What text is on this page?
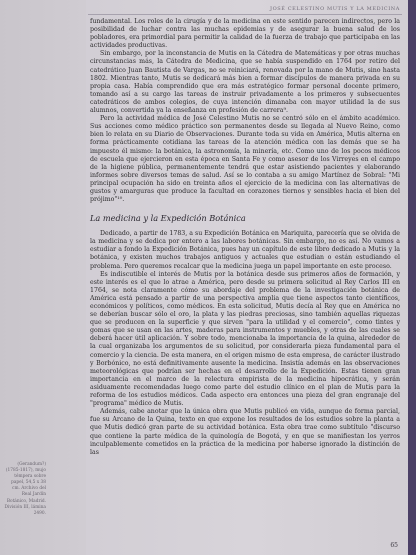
(Gerandum?) (1785-1817), mujo témpera sobre papel, 54,5 x 38 cm. Archivo del Real Jardín Botánico, Madrid. División III, lámina 2490.
JOSÉ CELESTINO MUTIS Y LA MEDICINA

fundamental. Los roles de la cirugía y de la medicina en este sentido parecen indirectos, pero la posibilidad de luchar contra las muchas epidemias y de asegurar la buena salud de los pobladores, era primordial para permitir la calidad de la fuerza de trabajo que participaba en las actividades productivas.

Sin embargo, por la inconstancia de Mutis en la Cátedra de Matemáticas y por otras muchas circunstancias más, la Cátedra de Medicina, que se había suspendido en 1764 por retiro del catedrático Juan Bautista de Vargas, no se reiniciará, renovada por la mano de Mutis, sino hasta 1802. Mientras tanto, Mutis se dedicará más bien a formar discípulos de manera privada en su propia casa. Había comprendido que era más estratégico formar personal docente primero, tomando así a su cargo las tareas de instruir privadamente a los primeros y subsecuentes catedráticos de ambos colegios, de cuya intención dimanaba con mayor utilidad la de sus alumnos, convertida ya la enseñanza en profesión de carrera⁹.

Pero la actividad médica de José Celestino Mutis no se centró sólo en el ámbito académico. Sus acciones como médico práctico son permanentes desde su llegada al Nuevo Reino, como bien lo relata en su Diario de Observaciones. Durante toda su vida en América, Mutis alterna en forma prácticamente cotidiana las tareas de la atención médica con las demás que se ha impuesto él mismo: la botánica, la astronomía, la minería, etc. Como uno de los pocos médicos de escuela que ejercieron en esta época en Santa Fe y como asesor de los Virreyes en el campo de la higiene pública, permanentemente tendrá que estar asistiendo pacientes y elaborando informes sobre diversos temas de salud. Así se lo contaba a su amigo Martínez de Sobral: "Mi principal ocupación ha sido en treinta años el ejercicio de la medicina con las alternativas de gustos y amarguras que produce la facultad en corazones tiernos y sensibles hacia el bien del prójimo"¹⁰.

La medicina y la Expedición Botánica

Dedicado, a partir de 1783, a su Expedición Botánica en Mariquita, parecería que se olvida de la medicina y se dedica por entero a las labores botánicas. Sin embargo, no es así. No vamos a estudiar a fondo la Expedición Botánica, pues hay un capítulo de este libro dedicado a Mutis y la botánica, y existen muchos trabajos antiguos y actuales que estudian o están estudiando el problema. Pero queremos recalcar que la medicina juega un papel importante en este proceso.

Es indiscutible el interés de Mutis por la botánica desde sus primeros años de formación, y este interés es el que lo atrae a América, pero desde su primera solicitud al Rey Carlos III en 1764, se nota claramente cómo su abordaje del problema de la investigación botánica de América está pensado a partir de una perspectiva amplia que tiene aspectos tanto científicos, económicos y políticos, como médicos. En esta solicitud, Mutis decía al Rey que en América no se deberían buscar sólo el oro, la plata y las piedras preciosas, sino también aquellas riquezas que se producen en la superficie y que sirven "para la utilidad y el comercio", como tintes y gomas que se usan en las artes, maderas para instrumentos y muebles, y otras de las cuales se deberá hacer útil aplicación. Y sobre todo, mencionaba la importancia de la quina, alrededor de la cual organizaba los argumentos de su solicitud, por considerarla pieza fundamental para el comercio y la ciencia. De esta manera, en el origen mismo de esta empresa, de carácter ilustrado y Borbónico, no está definitivamente ausente la medicina. Insistía además en las observaciones meteorológicas que podrían ser hechas en el desarrollo de la Expedición. Estas tienen gran importancia en el marco de la relectura empirista de la medicina hipocrática, y serán asiduamente recomendadas luego como parte del estudio clínico en el plan de Mutis para la reforma de los estudios médicos. Cada aspecto era entonces una pieza del gran engranaje del "programa" médico de Mutis.

Además, cabe anotar que la única obra que Mutis publicó en vida, aunque de forma parcial, fue su Arcano de la Quina, texto en que expone los resultados de los estudios sobre la planta a que Mutis dedicó gran parte de su actividad botánica. Esta obra trae como subtítulo "discurso que contiene la parte médica de la quinología de Bogotá, y en que se manifiestan los yerros inculpablemente cometidos en la práctica de la medicina por haberse ignorado la distinción de las

65
